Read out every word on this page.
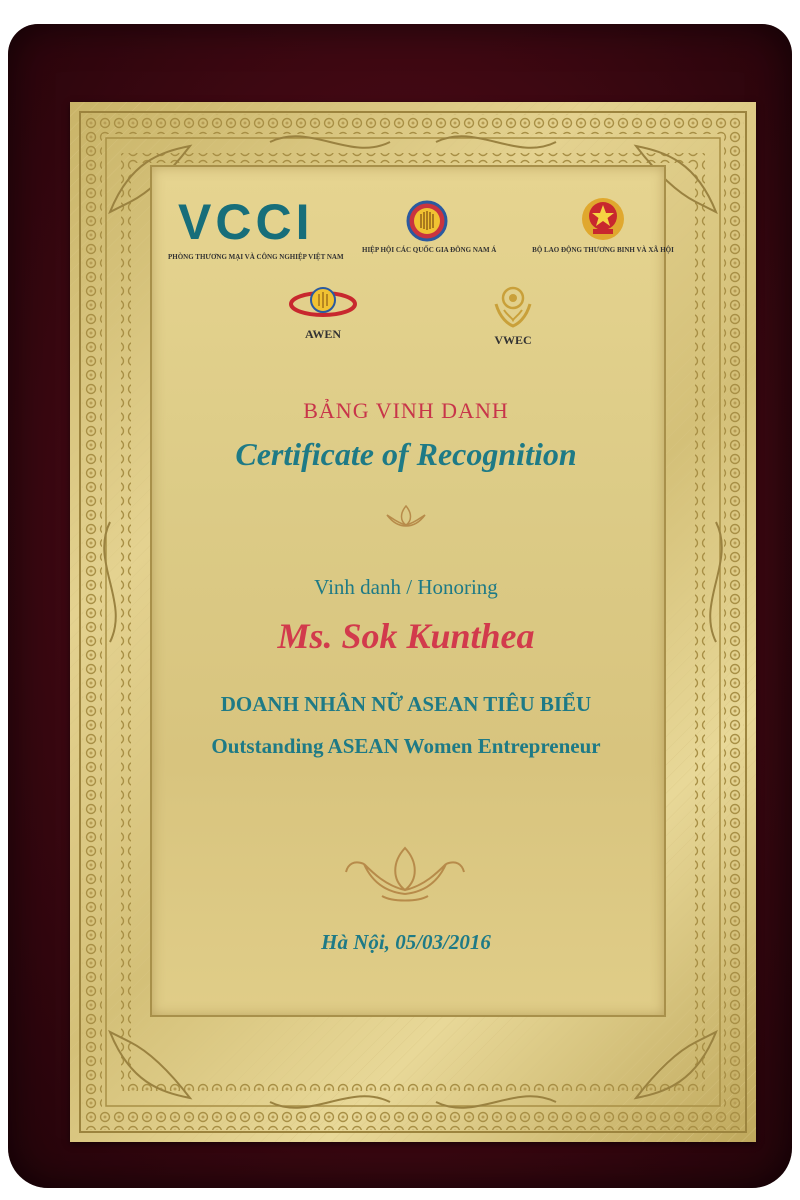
VCCI
PHÒNG THƯƠNG MẠI VÀ CÔNG NGHIỆP VIỆT NAM
HIỆP HỘI CÁC QUỐC GIA ĐÔNG NAM Á	BỘ LAO ĐỘNG THƯƠNG BINH VÀ XÃ HỘI
AWEN	VWEC
BẢNG VINH DANH
Certificate of Recognition
Vinh danh / Honoring
Ms. Sok Kunthea
DOANH NHÂN NỮ ASEAN TIÊU BIỂU
Outstanding ASEAN Women Entrepreneur
Hà Nội, 05/03/2016
